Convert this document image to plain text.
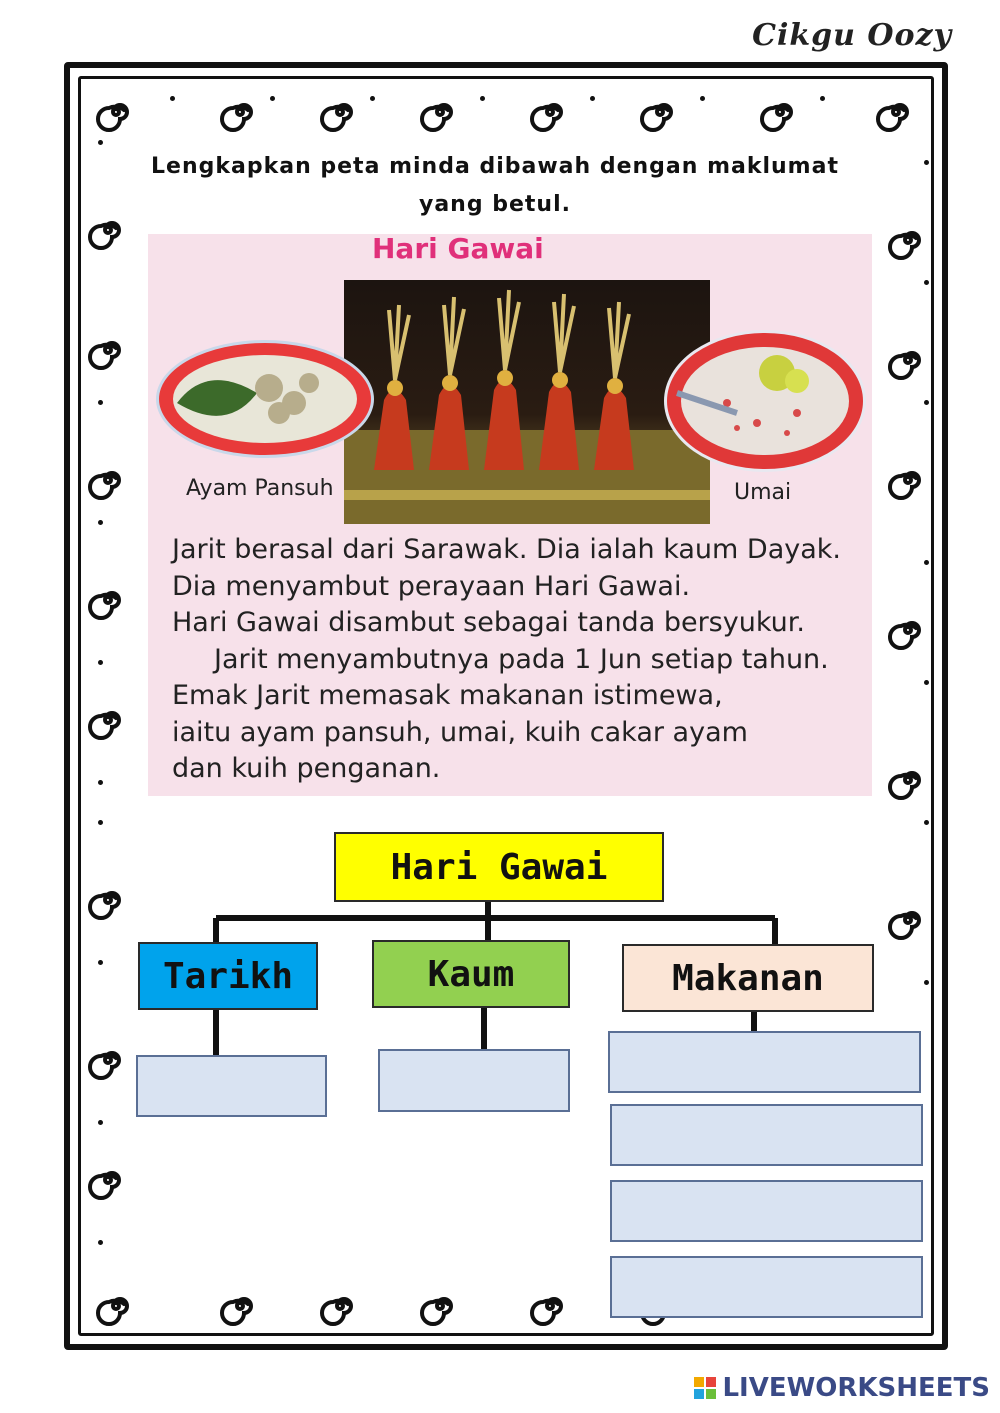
Cikgu Oozy
Lengkapkan peta minda dibawah dengan maklumat yang betul.
Hari Gawai
Ayam Pansuh	Umai
Jarit berasal dari Sarawak. Dia ialah kaum Dayak.
Dia menyambut perayaan Hari Gawai.
Hari Gawai disambut sebagai tanda bersyukur.
Jarit menyambutnya pada 1 Jun setiap tahun.
Emak Jarit memasak makanan istimewa,
iaitu ayam pansuh, umai, kuih cakar ayam
dan kuih penganan.
Hari Gawai
Tarikh	Kaum	Makanan
LIVEWORKSHEETS
